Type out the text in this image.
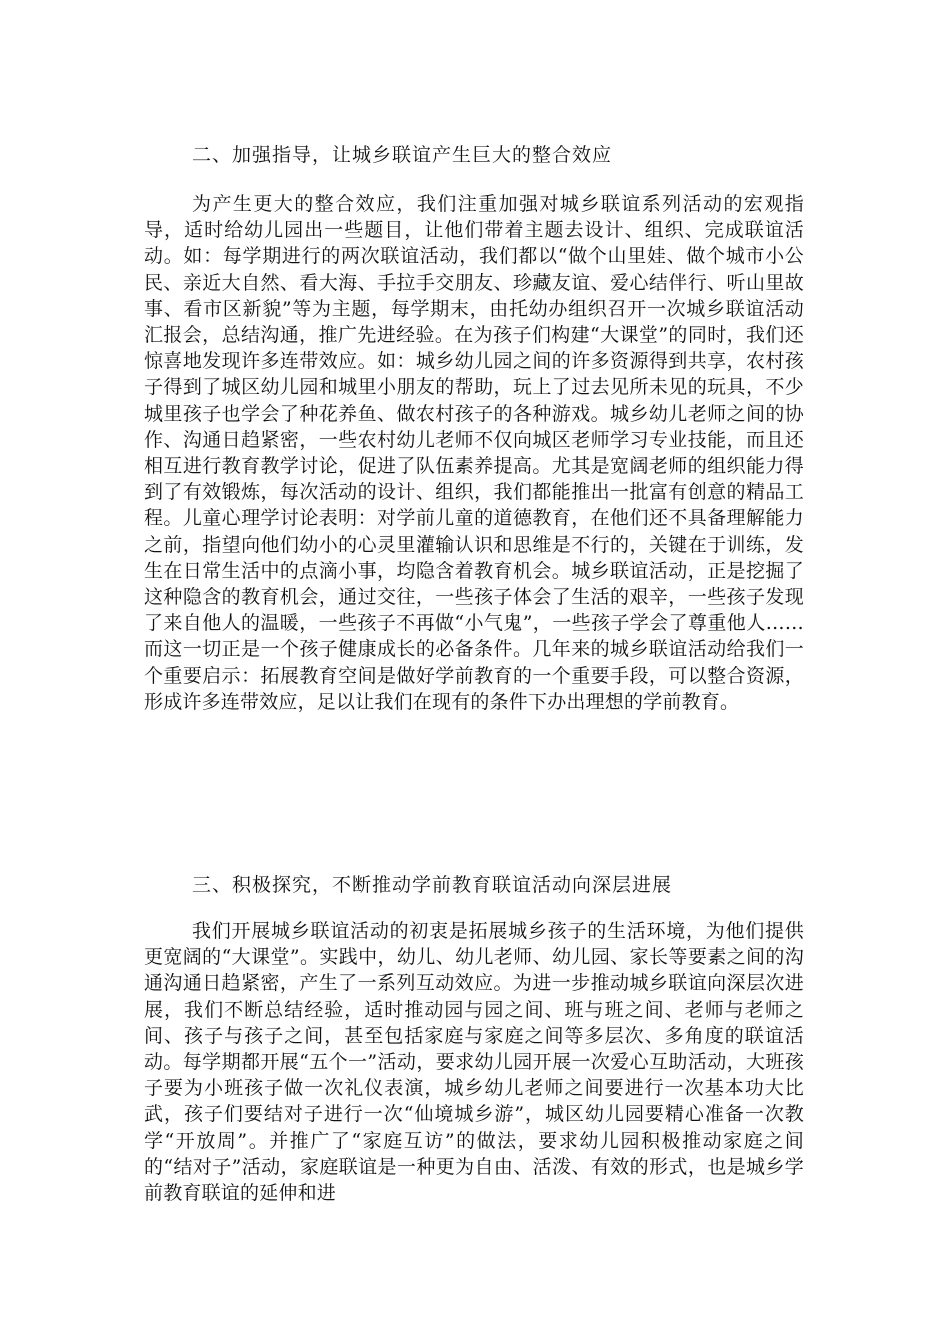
二、加强指导，让城乡联谊产生巨大的整合效应

为产生更大的整合效应，我们注重加强对城乡联谊系列活动的宏观指导，适时给幼儿园出一些题目，让他们带着主题去设计、组织、完成联谊活动。如：每学期进行的两次联谊活动，我们都以“做个山里娃、做个城市小公民、亲近大自然、看大海、手拉手交朋友、珍藏友谊、爱心结伴行、听山里故事、看市区新貌”等为主题，每学期末，由托幼办组织召开一次城乡联谊活动汇报会，总结沟通，推广先进经验。在为孩子们构建“大课堂”的同时，我们还惊喜地发现许多连带效应。如：城乡幼儿园之间的许多资源得到共享，农村孩子得到了城区幼儿园和城里小朋友的帮助，玩上了过去见所未见的玩具，不少城里孩子也学会了种花养鱼、做农村孩子的各种游戏。城乡幼儿老师之间的协作、沟通日趋紧密，一些农村幼儿老师不仅向城区老师学习专业技能，而且还相互进行教育教学讨论，促进了队伍素养提高。尤其是宽阔老师的组织能力得到了有效锻炼，每次活动的设计、组织，我们都能推出一批富有创意的精品工程。儿童心理学讨论表明：对学前儿童的道德教育，在他们还不具备理解能力之前，指望向他们幼小的心灵里灌输认识和思维是不行的，关键在于训练，发生在日常生活中的点滴小事，均隐含着教育机会。城乡联谊活动，正是挖掘了这种隐含的教育机会，通过交往，一些孩子体会了生活的艰辛，一些孩子发现了来自他人的温暖，一些孩子不再做“小气鬼”，一些孩子学会了尊重他人……而这一切正是一个孩子健康成长的必备条件。几年来的城乡联谊活动给我们一个重要启示：拓展教育空间是做好学前教育的一个重要手段，可以整合资源，形成许多连带效应，足以让我们在现有的条件下办出理想的学前教育。

三、积极探究，不断推动学前教育联谊活动向深层进展

我们开展城乡联谊活动的初衷是拓展城乡孩子的生活环境，为他们提供更宽阔的“大课堂”。实践中，幼儿、幼儿老师、幼儿园、家长等要素之间的沟通沟通日趋紧密，产生了一系列互动效应。为进一步推动城乡联谊向深层次进展，我们不断总结经验，适时推动园与园之间、班与班之间、老师与老师之间、孩子与孩子之间，甚至包括家庭与家庭之间等多层次、多角度的联谊活动。每学期都开展“五个一”活动，要求幼儿园开展一次爱心互助活动，大班孩子要为小班孩子做一次礼仪表演，城乡幼儿老师之间要进行一次基本功大比武，孩子们要结对子进行一次“仙境城乡游”，城区幼儿园要精心准备一次教学“开放周”。并推广了“家庭互访”的做法，要求幼儿园积极推动家庭之间的“结对子”活动，家庭联谊是一种更为自由、活泼、有效的形式，也是城乡学前教育联谊的延伸和进
